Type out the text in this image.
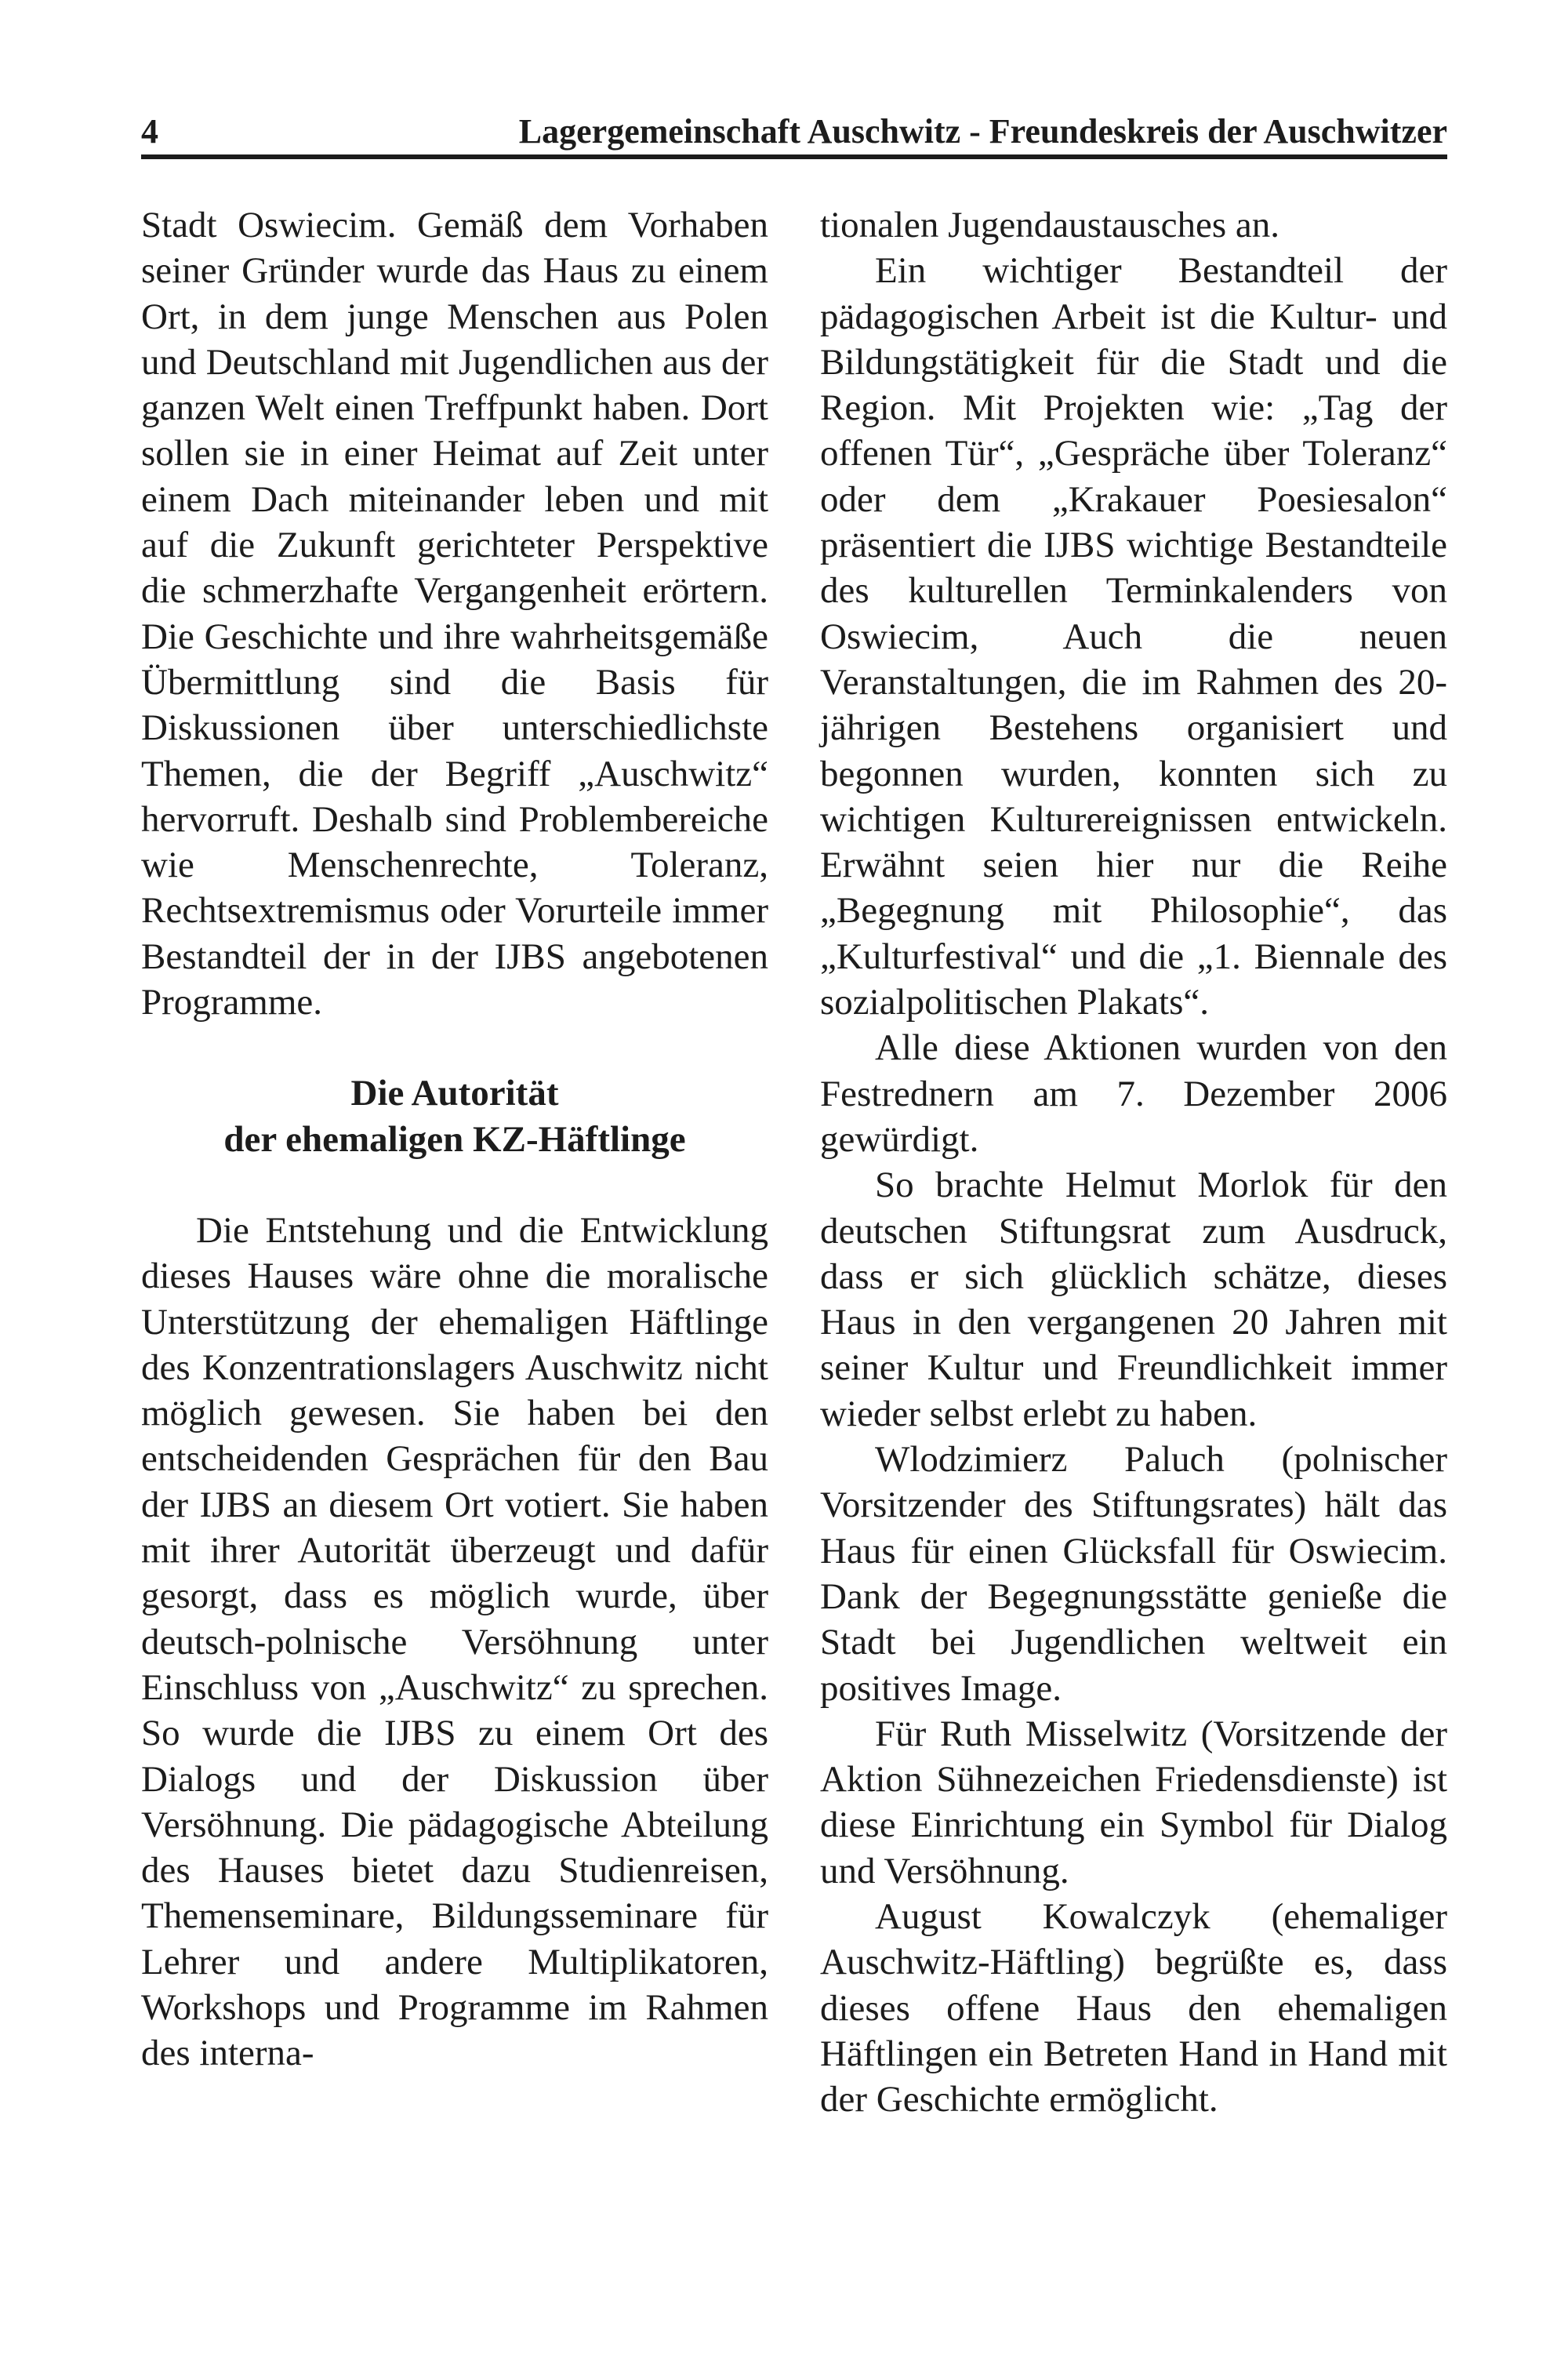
4	Lagergemeinschaft Auschwitz - Freundeskreis der Auschwitzer

Stadt Oswiecim. Gemäß dem Vorhaben seiner Gründer wurde das Haus zu einem Ort, in dem junge Menschen aus Polen und Deutschland mit Jugendlichen aus der ganzen Welt einen Treffpunkt haben. Dort sollen sie in einer Heimat auf Zeit unter einem Dach miteinander leben und mit auf die Zukunft gerichteter Perspektive die schmerzhafte Vergangenheit erörtern. Die Geschichte und ihre wahrheitsgemäße Übermittlung sind die Basis für Diskussionen über unterschiedlichste Themen, die der Begriff „Auschwitz“ hervorruft. Deshalb sind Problembereiche wie Menschenrechte, Toleranz, Rechtsextremismus oder Vorurteile immer Bestandteil der in der IJBS angebotenen Programme.

Die Autorität
der ehemaligen KZ-Häftlinge

Die Entstehung und die Entwicklung dieses Hauses wäre ohne die moralische Unterstützung der ehemaligen Häftlinge des Konzentrationslagers Auschwitz nicht möglich gewesen. Sie haben bei den entscheidenden Gesprächen für den Bau der IJBS an diesem Ort votiert. Sie haben mit ihrer Autorität überzeugt und dafür gesorgt, dass es möglich wurde, über deutsch-polnische Versöhnung unter Einschluss von „Auschwitz“ zu sprechen. So wurde die IJBS zu einem Ort des Dialogs und der Diskussion über Versöhnung. Die pädagogische Abteilung des Hauses bietet dazu Studienreisen, Themenseminare, Bildungsseminare für Lehrer und andere Multiplikatoren, Workshops und Programme im Rahmen des interna-

tionalen Jugendaustausches an.

Ein wichtiger Bestandteil der pädagogischen Arbeit ist die Kultur- und Bildungstätigkeit für die Stadt und die Region. Mit Projekten wie: „Tag der offenen Tür“, „Gespräche über Toleranz“ oder dem „Krakauer Poesiesalon“ präsentiert die IJBS wichtige Bestandteile des kulturellen Terminkalenders von Oswiecim, Auch die neuen Veranstaltungen, die im Rahmen des 20-jährigen Bestehens organisiert und begonnen wurden, konnten sich zu wichtigen Kulturereignissen entwickeln. Erwähnt seien hier nur die Reihe „Begegnung mit Philosophie“, das „Kulturfestival“ und die „1. Biennale des sozialpolitischen Plakats“.

Alle diese Aktionen wurden von den Festrednern am 7. Dezember 2006 gewürdigt.

So brachte Helmut Morlok für den deutschen Stiftungsrat zum Ausdruck, dass er sich glücklich schätze, dieses Haus in den vergangenen 20 Jahren mit seiner Kultur und Freundlichkeit immer wieder selbst erlebt zu haben.

Wlodzimierz Paluch (polnischer Vorsitzender des Stiftungsrates) hält das Haus für einen Glücksfall für Oswiecim. Dank der Begegnungsstätte genieße die Stadt bei Jugendlichen weltweit ein positives Image.

Für Ruth Misselwitz (Vorsitzende der Aktion Sühnezeichen Friedensdienste) ist diese Einrichtung ein Symbol für Dialog und Versöhnung.

August Kowalczyk (ehemaliger Auschwitz-Häftling) begrüßte es, dass dieses offene Haus den ehemaligen Häftlingen ein Betreten Hand in Hand mit der Geschichte ermöglicht.
